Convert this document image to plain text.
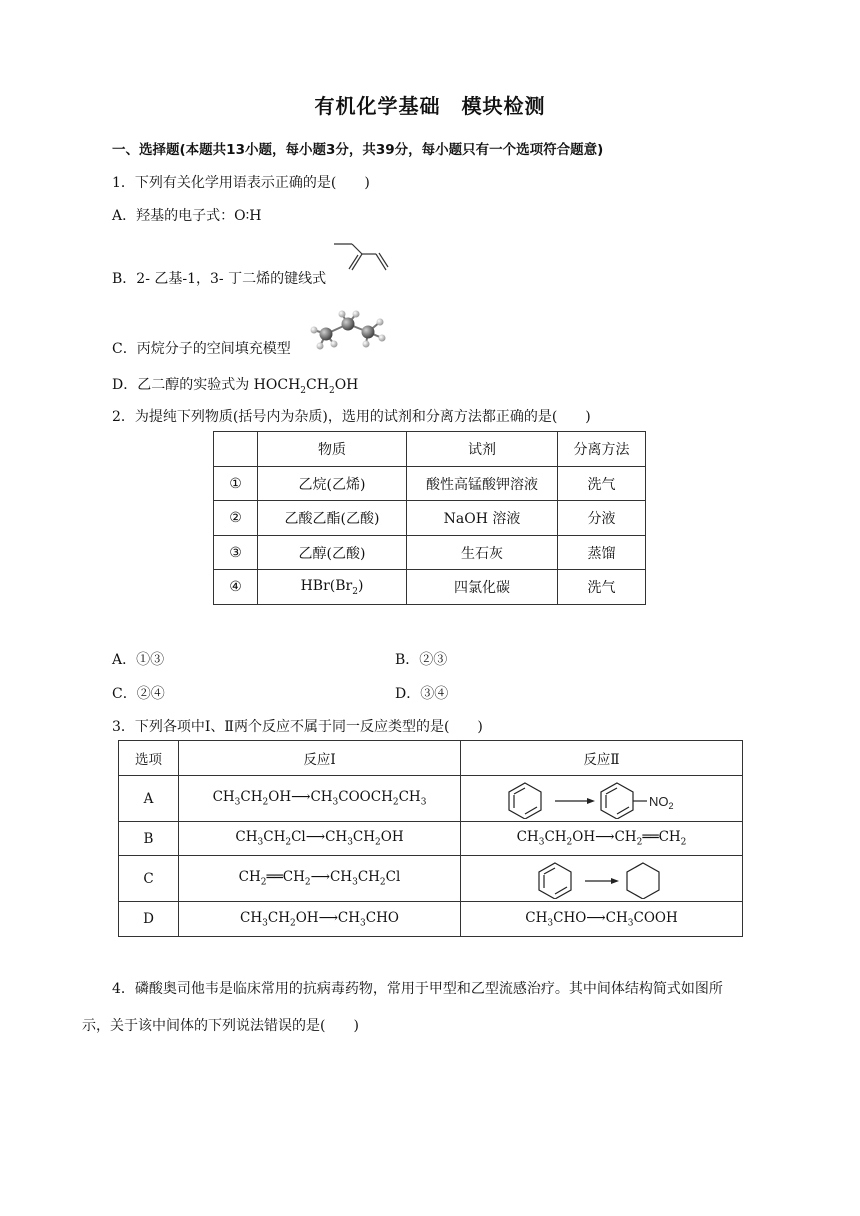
有机化学基础　模块检测
一、选择题(本题共13小题，每小题3分，共39分，每小题只有一个选项符合题意)
1．下列有关化学用语表示正确的是(　　)
A．羟基的电子式：O∶H
B．2- 乙基-1，3- 丁二烯的键线式
C．丙烷分子的空间填充模型
D．乙二醇的实验式为 $HOCH_2CH_2OH$
2．为提纯下列物质(括号内为杂质)，选用的试剂和分离方法都正确的是(　　)
	物质	试剂	分离方法
①	乙烷(乙烯)	酸性高锰酸钾溶液	洗气
②	乙酸乙酯(乙酸)	NaOH 溶液	分液
③	乙醇(乙酸)	生石灰	蒸馏
④	$HBr(Br_2)$	四氯化碳	洗气
A．①③	B．②③
C．②④	D．③④
3．下列各项中Ⅰ、Ⅱ两个反应不属于同一反应类型的是(　　)
选项	反应Ⅰ	反应Ⅱ
A	$CH_3CH_2OH⟶CH_3COOCH_2CH_3$	$NO_2$

B	$CH_3CH_2Cl⟶CH_3CH_2OH$	$CH_3CH_2OH⟶CH_2══CH_2$
C	$CH_2══CH_2⟶CH_3CH_2Cl$	
D	$CH_3CH_2OH⟶CH_3CHO$	$CH_3CHO⟶CH_3COOH$
4．磷酸奥司他韦是临床常用的抗病毒药物，常用于甲型和乙型流感治疗。其中间体结构简式如图所
示，关于该中间体的下列说法错误的是(　　)
